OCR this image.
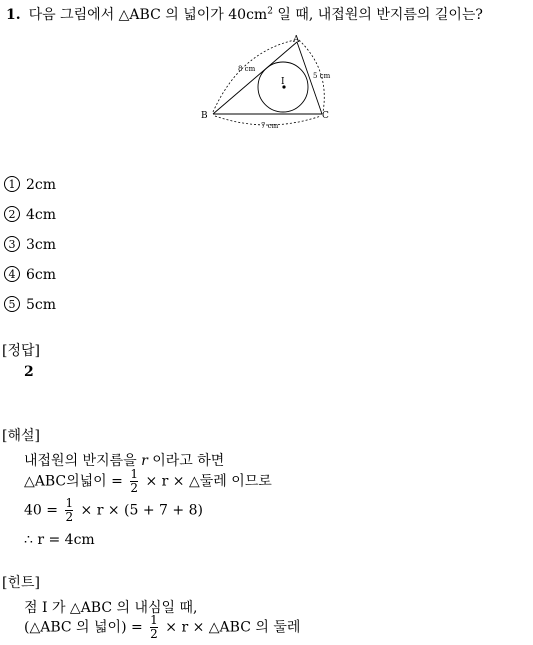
1. 다음 그림에서 △ABC 의 넓이가 $40cm^2$ 일 때, 내접원의 반지름의 길이는?
A
B	C
I
8 cm
5 cm
7 cm
1 2cm
2 4cm
3 3cm
4 6cm
5 5cm
[정답]
2
[해설]
내접원의 반지름을 r 이라고 하면
△ABC의넓이 = $\frac{1}{2} \times r$ × △둘레 이므로
$40 = \frac{1}{2} \times r \times (5 + 7 + 8)$
∴ r = 4cm
[힌트]
점 I 가 △ABC 의 내심일 때,
(△ABC 의 넓이) = $\frac{1}{2} \times r$ × △ABC 의 둘레
